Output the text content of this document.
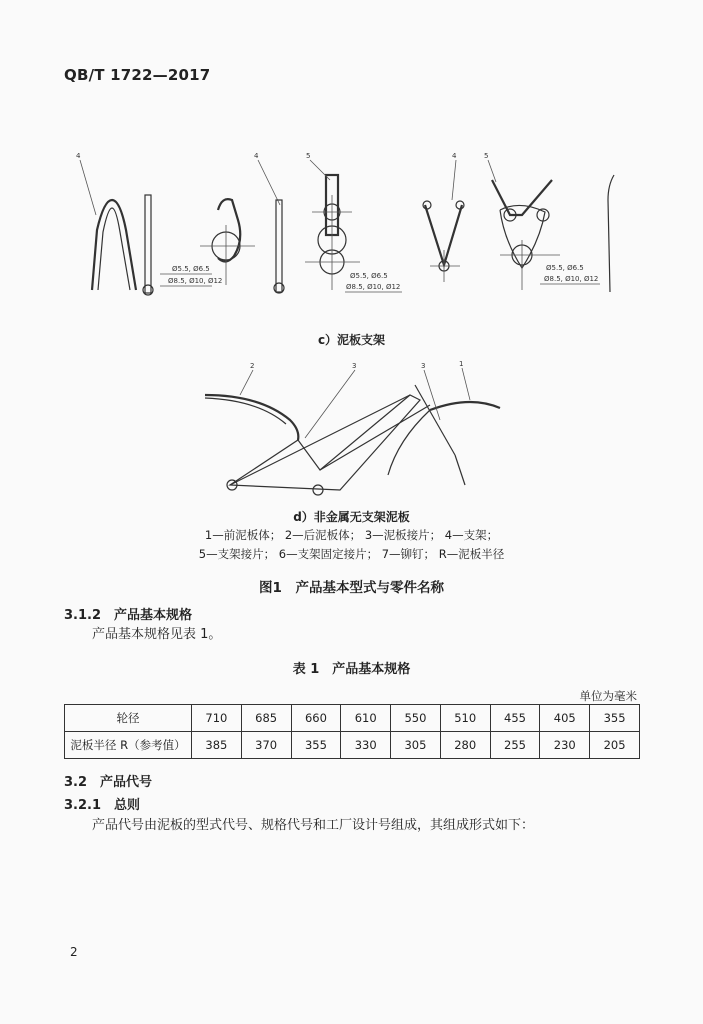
QB/T 1722—2017
4
Ø5.5, Ø6.5
Ø8.5, Ø10, Ø12
4	5
Ø5.5, Ø6.5
Ø8.5, Ø10, Ø12
4	5
Ø5.5, Ø6.5
Ø8.5, Ø10, Ø12
2	3	3	1
c）泥板支架
d）非金属无支架泥板
1—前泥板体； 2—后泥板体； 3—泥板接片； 4—支架；
5—支架接片； 6—支架固定接片； 7—铆钉； R—泥板半径
图1　产品基本型式与零件名称
3.1.2　产品基本规格
产品基本规格见表 1。
表 1　产品基本规格
单位为毫米
轮径	710	685	660	610	550	510	455	405	355
泥板半径 R（参考值）	385	370	355	330	305	280	255	230	205
3.2　产品代号
3.2.1　总则
产品代号由泥板的型式代号、规格代号和工厂设计号组成，其组成形式如下：
2
